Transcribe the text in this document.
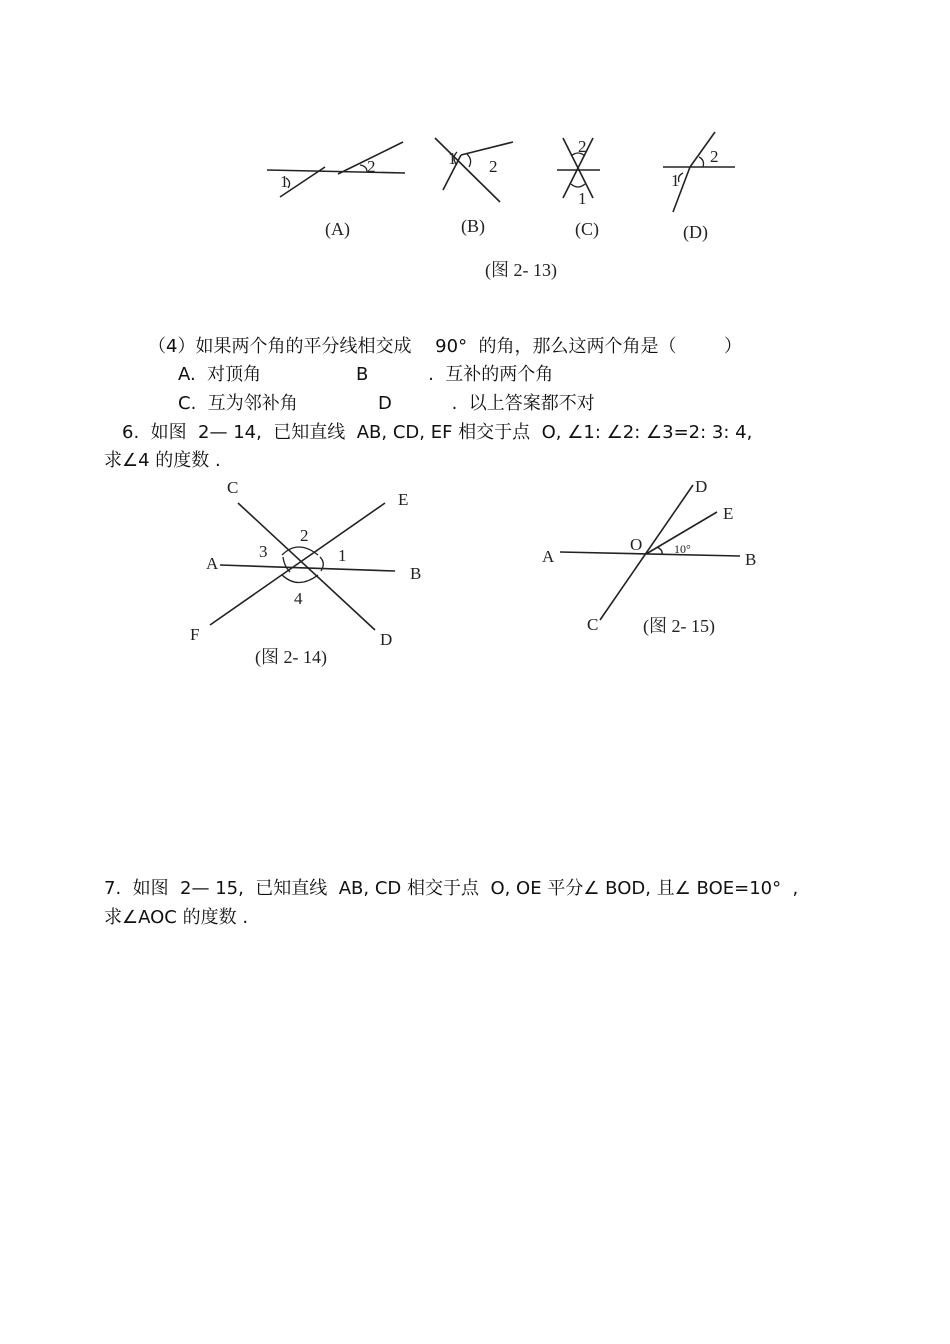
1
2
(A)
1 2
(B)
2
1
(C)
2
1
(D)
(图 2- 13)
（4）如果两个角的平分线相交成　 90°  的角，那么这两个角是（　　  ）
A.  对顶角	B　　　 .  互补的两个角
C.  互为邻补角	D　　　 .  以上答案都不对
6.  如图  2— 14,  已知直线  AB, CD, EF 相交于点  O, ∠1: ∠2: ∠3=2: 3: 4,
求∠4 的度数 .
C
E
A
B
F	D
2
3	1
4
(图 2- 14)
A	B
C
D
E
O	10°
(图 2- 15)
7.  如图  2— 15,  已知直线  AB, CD 相交于点  O, OE 平分∠ BOD, 且∠ BOE=10°  ,
求∠AOC 的度数 .
